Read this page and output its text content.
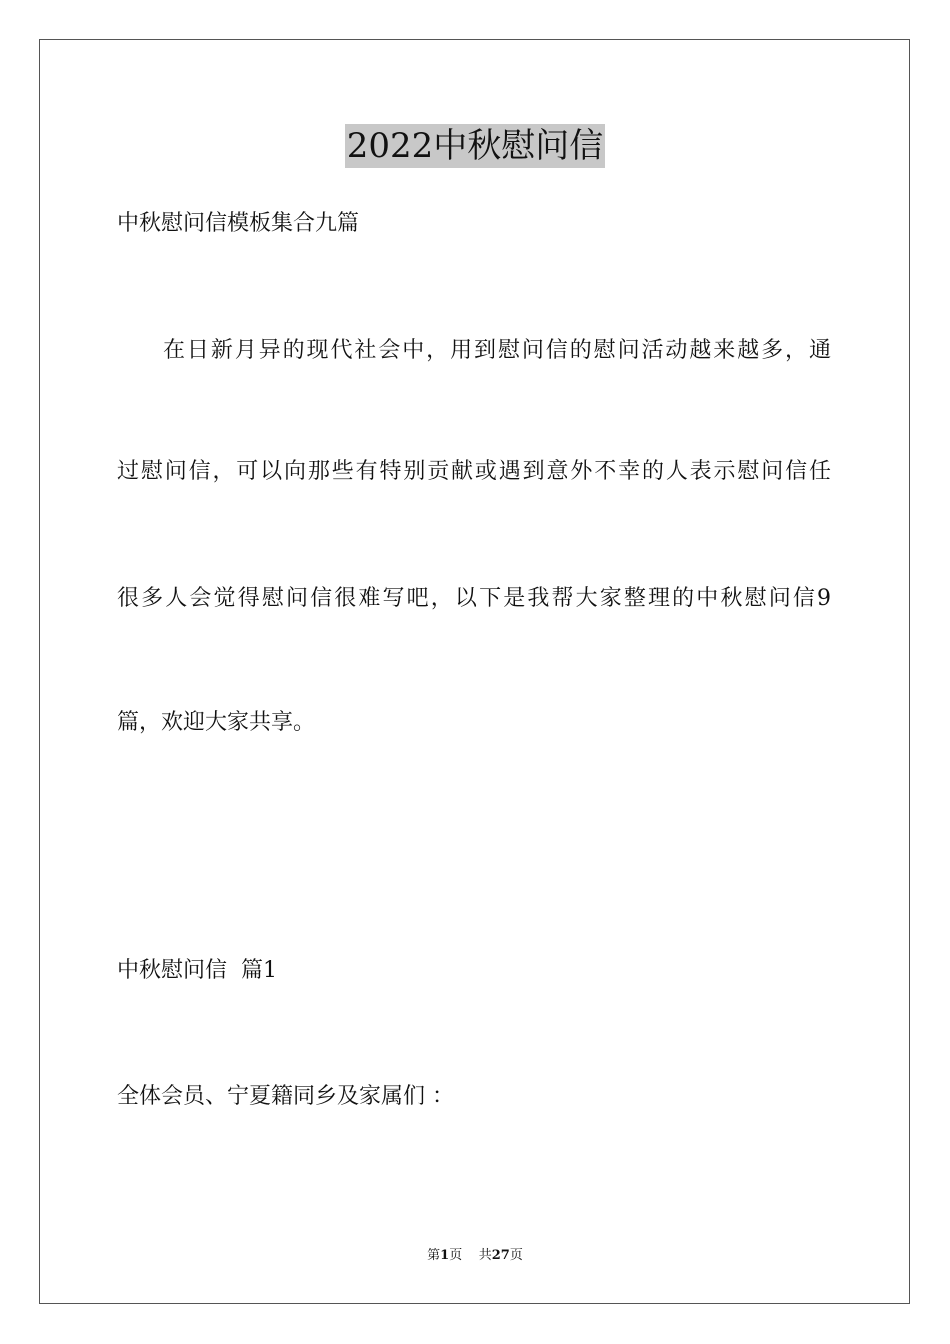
2022中秋慰问信
中秋慰问信模板集合九篇
在日新月异的现代社会中，用到慰问信的慰问活动越来越多，通
过慰问信，可以向那些有特别贡献或遇到意外不幸的人表示慰问信任
很多人会觉得慰问信很难写吧，以下是我帮大家整理的中秋慰问信9
篇，欢迎大家共享。
中秋慰问信  篇1
全体会员、宁夏籍同乡及家属们 ：
第1页 共27页
